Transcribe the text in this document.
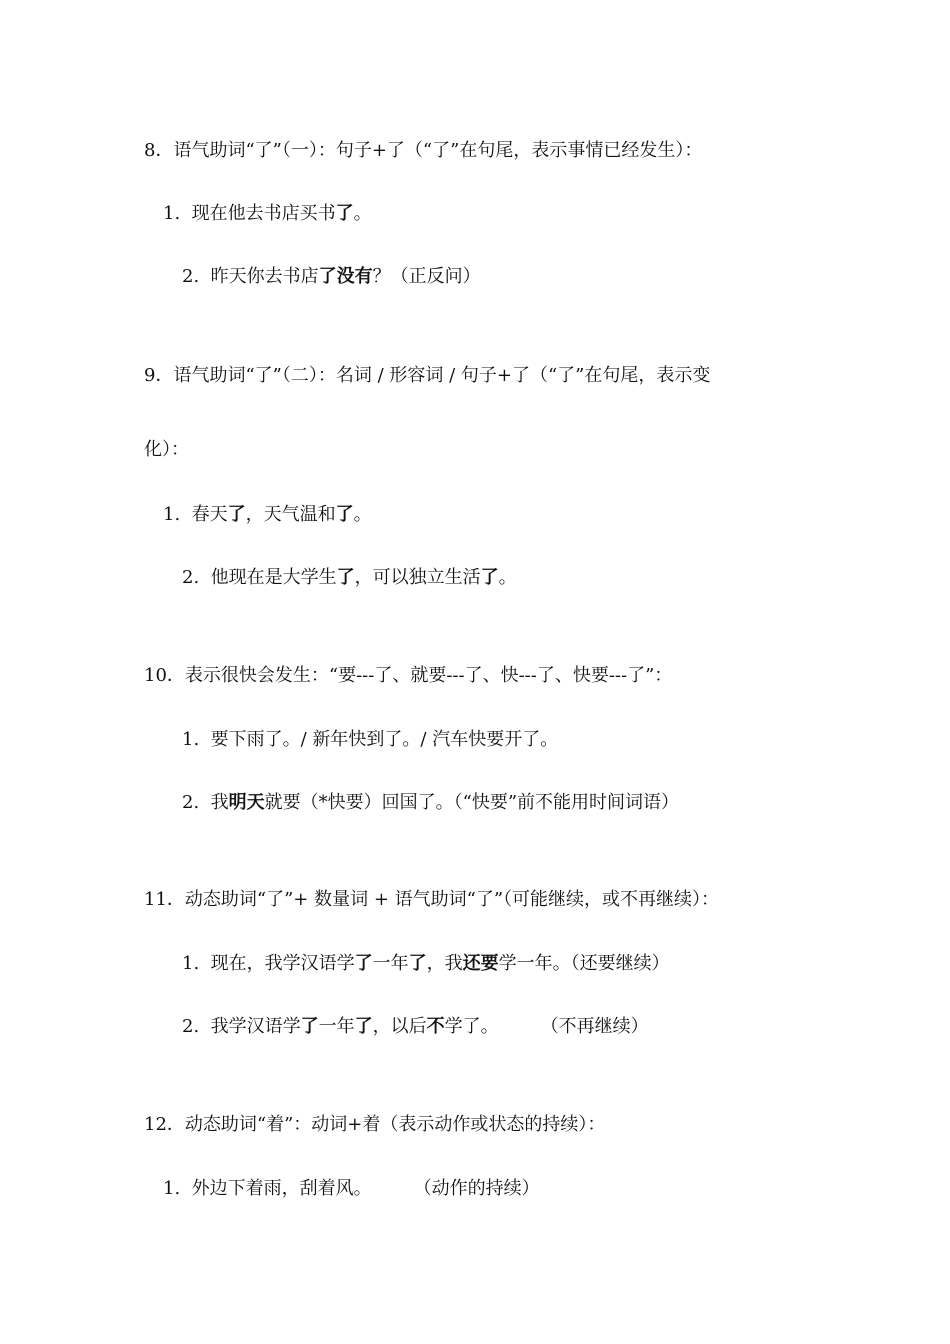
8．语气助词“了”（一）：句子+了（“了”在句尾，表示事情已经发生）：
1. 现在他去书店买书了。
2. 昨天你去书店了没有？（正反问）
9．语气助词“了”（二）：名词 / 形容词 / 句子+了（“了”在句尾，表示变
化）：
1. 春天了，天气温和了。
2. 他现在是大学生了，可以独立生活了。
10．表示很快会发生：“要---了、就要---了、快---了、快要---了”：
1. 要下雨了。/ 新年快到了。/ 汽车快要开了。
2. 我明天就要（*快要）回国了。（“快要”前不能用时间词语）
11．动态助词“了”+ 数量词 + 语气助词“了”（可能继续，或不再继续）：
1. 现在，我学汉语学了一年了，我还要学一年。（还要继续）
2. 我学汉语学了一年了，以后不学了。 （不再继续）
12．动态助词“着”：动词+着（表示动作或状态的持续）：
1. 外边下着雨，刮着风。 （动作的持续）
